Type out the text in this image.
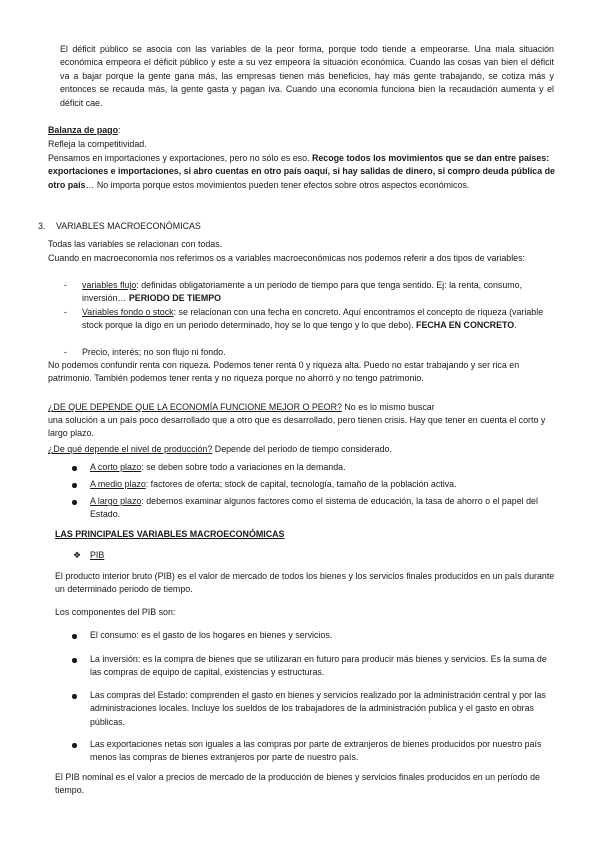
El déficit público se asocia con las variables de la peor forma, porque todo tiende a empeorarse. Una mala situación económica empeora el déficit público y este a su vez empeora la situación económica. Cuando las cosas van bien el déficit va a bajar porque la gente gana más, las empresas tienen más beneficios, hay más gente trabajando, se cotiza más y entonces se recauda más, la gente gasta y pagan iva. Cuando una economía funciona bien la recaudación aumenta y el déficit cae.

Balanza de pago:

Refleja la competitividad.

Pensamos en importaciones y exportaciones, pero no sólo es eso. Recoge todos los movimientos que se dan entre países: exportaciones e importaciones, si abro cuentas en otro país oaquí, si hay salidas de dinero, si compro deuda pública de otro país… No importa porque estos movimientos pueden tener efectos sobre otros aspectos económicos.

3. VARIABLES MACROECONÓMICAS

Todas las variables se relacionan con todas.

Cuando en macroeconomía nos referimos os a variables macroeconómicas nos podemos referir a dos tipos de variables:

- variables flujo: definidas obligatoriamente a un periodo de tiempo para que tenga sentido. Ej: la renta, consumo, inversión… PERIODO DE TIEMPO

- Variables fondo o stock: se relacionan con una fecha en concreto. Aquí encontramos el concepto de riqueza (variable stock porque la digo en un periodo determinado, hoy se lo que tengo y lo que debo). FECHA EN CONCRETO.

- Precio, interés; no son flujo ni fondo.

No podemos confundir renta con riqueza. Podemos tener renta 0 y riqueza alta. Puedo no estar trabajando y ser rica en patrimonio. También podemos tener renta y no riqueza porque no ahorró y no tengo patrimonio.

¿DE QUE DEPENDE QUE LA ECONOMÍA FUNCIONE MEJOR O PEOR? No es lo mismo buscar

una solución a un país poco desarrollado que a otro que es desarrollado, pero tienen crisis. Hay que tener en cuenta el corto y largo plazo.

¿De qué depende el nivel de producción? Depende del periodo de tiempo considerado.

A corto plazo: se deben sobre todo a variaciones en la demanda.

A medio plazo: factores de oferta; stock de capital, tecnología, tamaño de la población activa.

A largo plazo: debemos examinar algunos factores como el sistema de educación, la tasa de ahorro o el papel del Estado.

LAS PRINCIPALES VARIABLES MACROECONÓMICAS

❖ PIB

El producto interior bruto (PIB) es el valor de mercado de todos los bienes y los servicios finales producidos en un país durante un determinado periodo de tiempo.

Los componentes del PIB son:

El consumo: es el gasto de los hogares en bienes y servicios.

La inversión: es la compra de bienes que se utilizaran en futuro para producir más bienes y servicios. Es la suma de las compras de equipo de capital, existencias y estructuras.

Las compras del Estado: comprenden el gasto en bienes y servicios realizado por la administración central y por las administraciones locales. Incluye los sueldos de los trabajadores de la administración publica y el gasto en obras públicas.

Las exportaciones netas son iguales a las compras por parte de extranjeros de bienes producidos por nuestro país menos las compras de bienes extranjeros por parte de nuestro país.

El PIB nominal es el valor a precios de mercado de la producción de bienes y servicios finales producidos en un período de tiempo.
